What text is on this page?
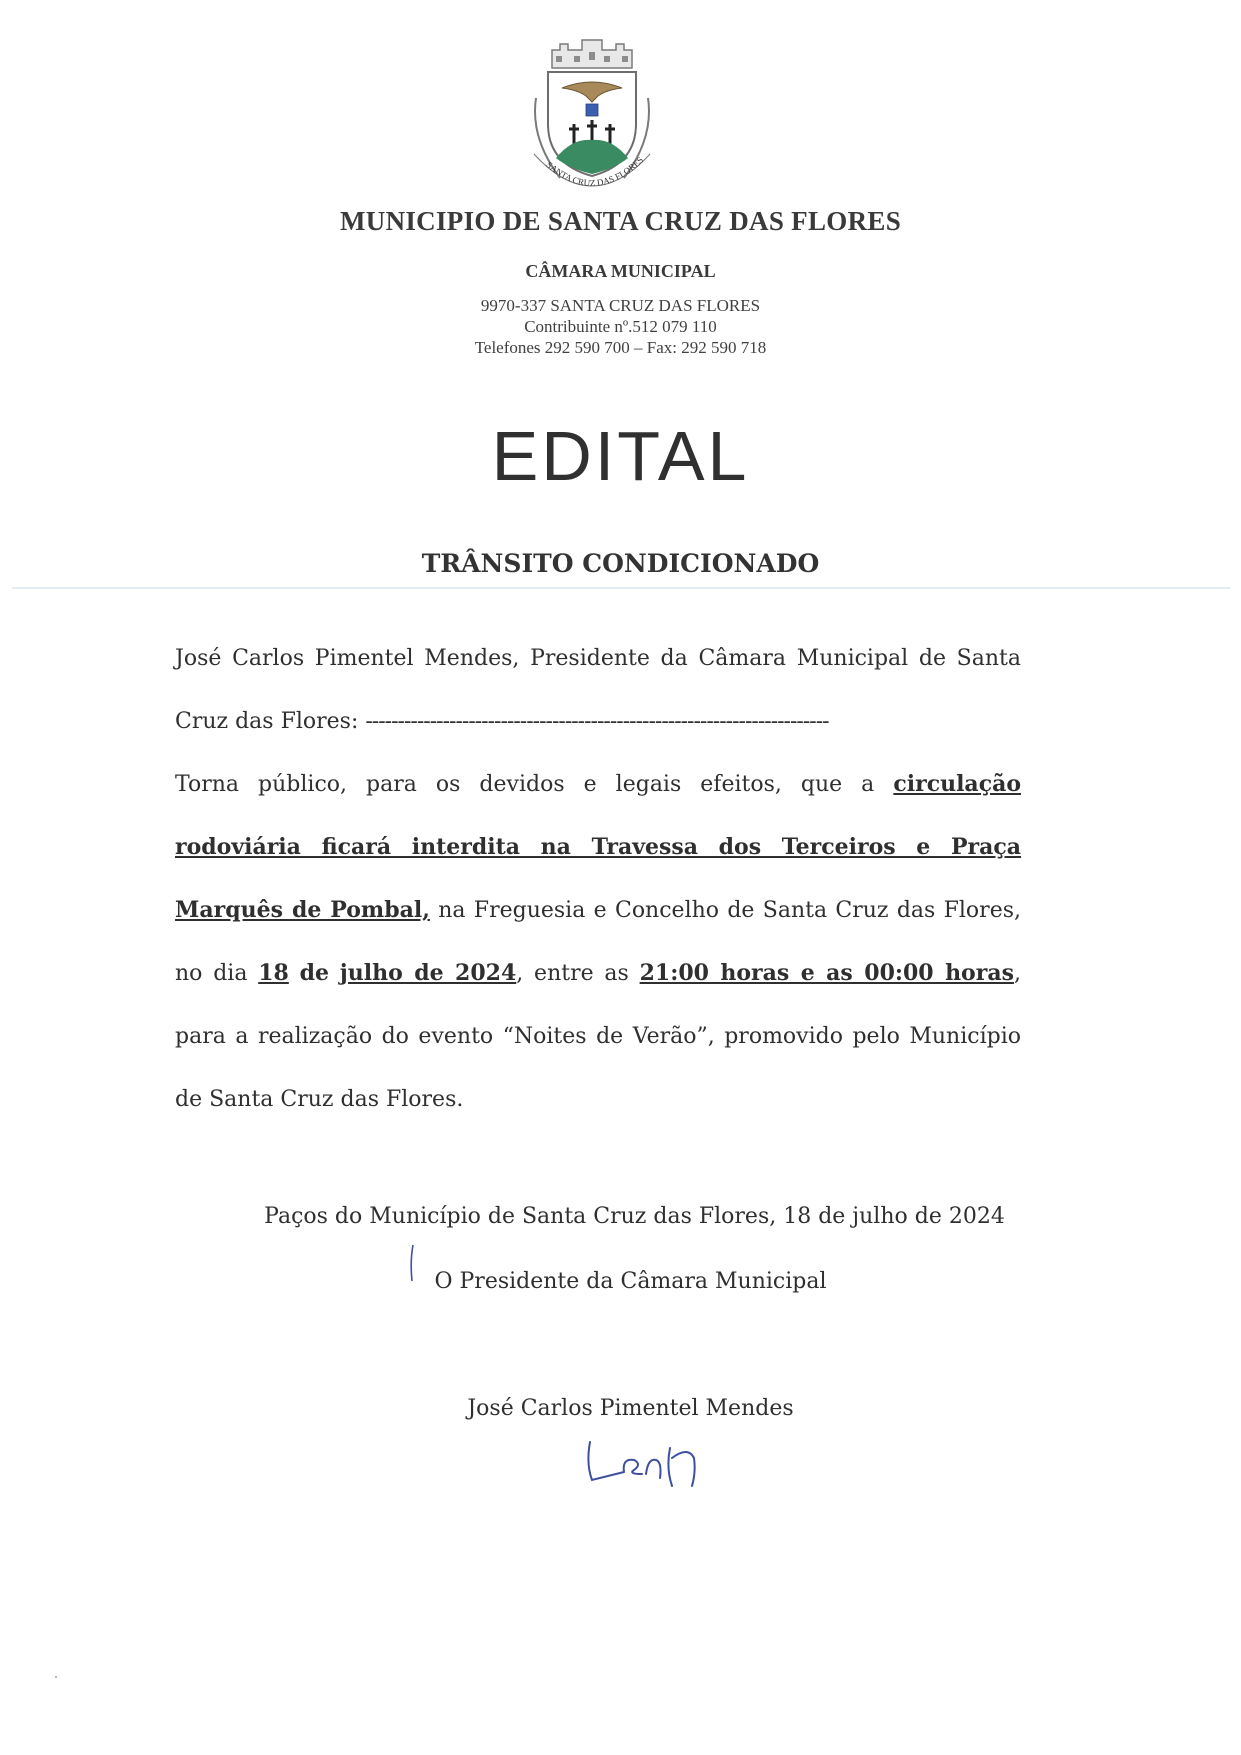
SANTA CRUZ DAS FLORES
MUNICIPIO DE SANTA CRUZ DAS FLORES
CÂMARA MUNICIPAL
9970-337 SANTA CRUZ DAS FLORES
Contribuinte nº.512 079 110
Telefones 292 590 700 – Fax: 292 590 718
EDITAL
TRÂNSITO CONDICIONADO

José Carlos Pimentel Mendes, Presidente da Câmara Municipal de Santa Cruz das Flores: ------------------------------------------------------------------------

Torna público, para os devidos e legais efeitos, que a circulação rodoviária ficará interdita na Travessa dos Terceiros e Praça Marquês de Pombal, na Freguesia e Concelho de Santa Cruz das Flores, no dia 18 de julho de 2024, entre as 21:00 horas e as 00:00 horas, para a realização do evento “Noites de Verão”, promovido pelo Município de Santa Cruz das Flores.

Paços do Município de Santa Cruz das Flores, 18 de julho de 2024
O Presidente da Câmara Municipal
José Carlos Pimentel Mendes
